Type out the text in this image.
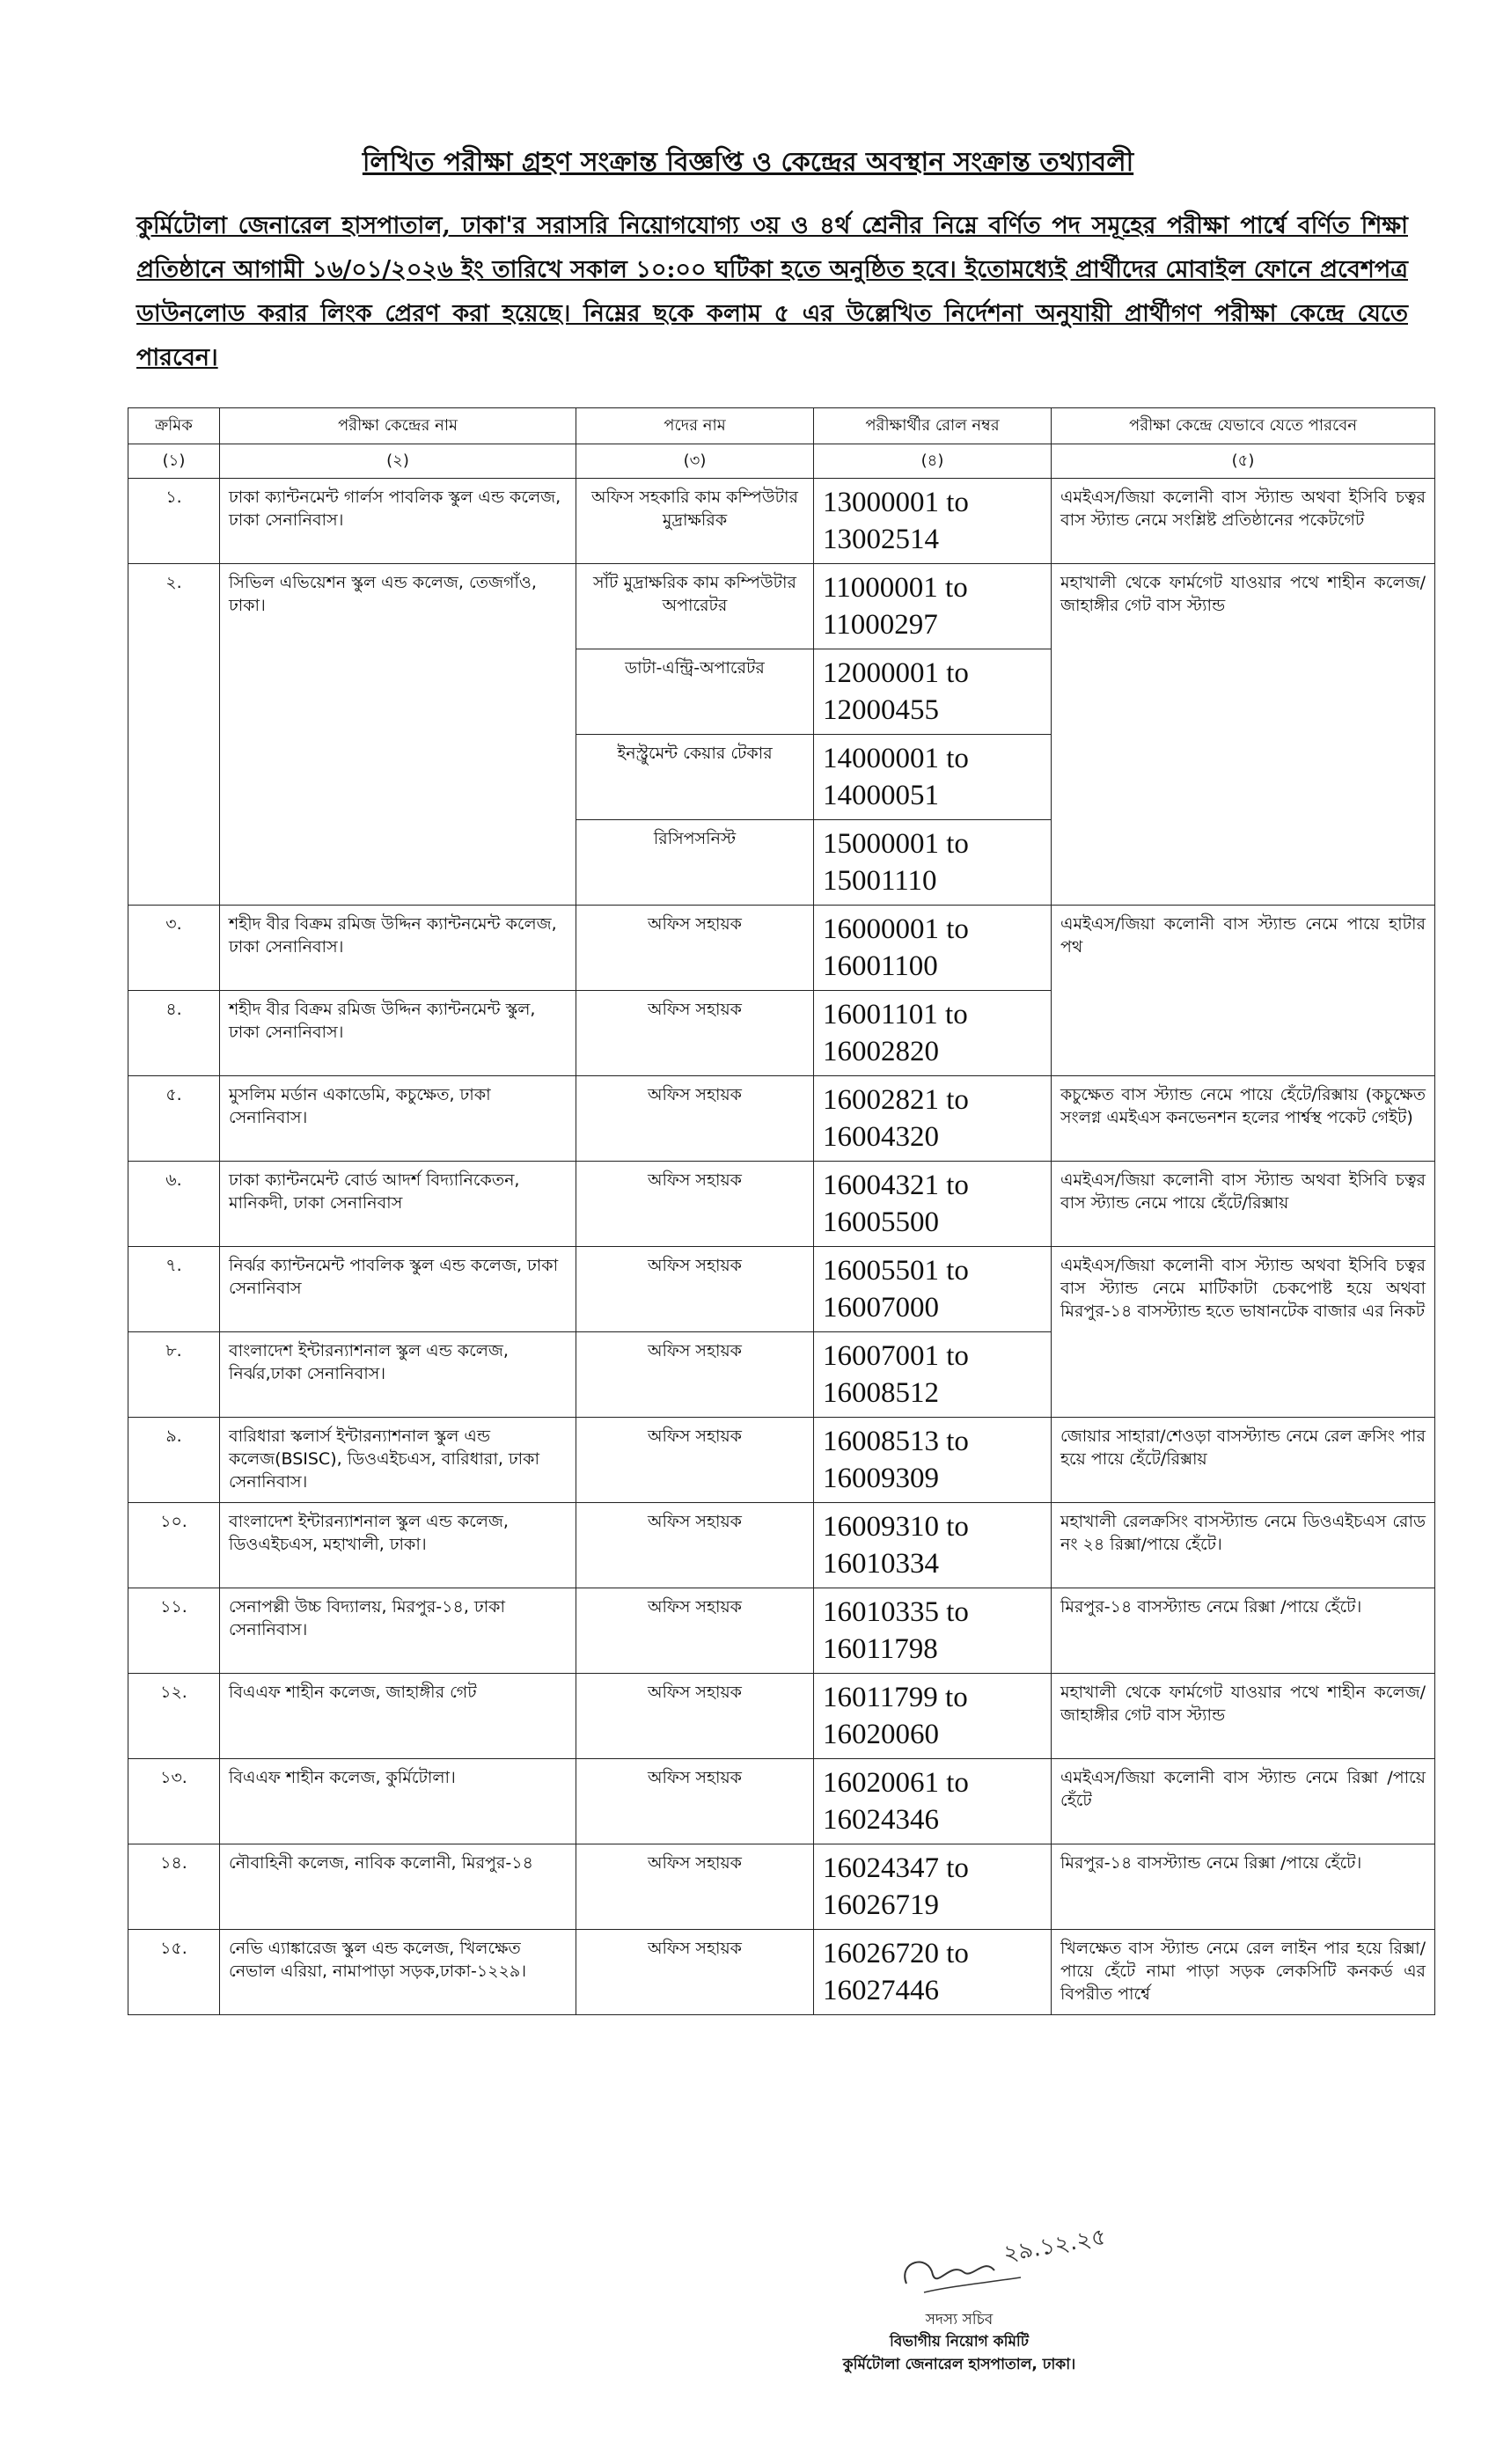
লিখিত পরীক্ষা গ্রহণ সংক্রান্ত বিজ্ঞপ্তি ও কেন্দ্রের অবস্থান সংক্রান্ত তথ্যাবলী
কুর্মিটোলা জেনারেল হাসপাতাল, ঢাকা'র সরাসরি নিয়োগযোগ্য ৩য় ও ৪র্থ শ্রেনীর নিম্নে বর্ণিত পদ সমূহের পরীক্ষা পার্শ্বে বর্ণিত শিক্ষা প্রতিষ্ঠানে আগামী ১৬/০১/২০২৬ ইং তারিখে সকাল ১০:০০ ঘটিকা হতে অনুষ্ঠিত হবে। ইতোমধ্যেই প্রার্থীদের মোবাইল ফোনে প্রবেশপত্র ডাউনলোড করার লিংক প্রেরণ করা হয়েছে। নিম্নের ছকে কলাম ৫ এর উল্লেখিত নির্দেশনা অনুযায়ী প্রার্থীগণ পরীক্ষা কেন্দ্রে যেতে পারবেন।
ক্রমিক	পরীক্ষা কেন্দ্রের নাম	পদের নাম	পরীক্ষার্থীর রোল নম্বর	পরীক্ষা কেন্দ্রে যেভাবে যেতে পারবেন
(১)	(২)	(৩)	(৪)	(৫)

১.	ঢাকা ক্যান্টনমেন্ট গার্লস পাবলিক স্কুল এন্ড কলেজ, ঢাকা সেনানিবাস।	অফিস সহকারি কাম কম্পিউটার মুদ্রাক্ষরিক	13000001 to 13002514	এমইএস/জিয়া কলোনী বাস স্ট্যান্ড অথবা ইসিবি চত্বর বাস স্ট্যান্ড নেমে সংশ্লিষ্ট প্রতিষ্ঠানের পকেটগেট

২.	সিভিল এভিয়েশন স্কুল এন্ড কলেজ, তেজগাঁও, ঢাকা।	সাঁট মুদ্রাক্ষরিক কাম কম্পিউটার অপারেটর	11000001 to 11000297	মহাখালী থেকে ফার্মগেট যাওয়ার পথে শাহীন কলেজ/জাহাঙ্গীর গেট বাস স্ট্যান্ড

		ডাটা-এন্ট্রি-অপারেটর	12000001 to 12000455	

		ইনস্ট্রুমেন্ট কেয়ার টেকার	14000001 to 14000051	

		রিসিপসনিস্ট	15000001 to 15001110	

৩.	শহীদ বীর বিক্রম রমিজ উদ্দিন ক্যান্টনমেন্ট কলেজ, ঢাকা সেনানিবাস।	অফিস সহায়ক	16000001 to 16001100	এমইএস/জিয়া কলোনী বাস স্ট্যান্ড নেমে পায়ে হাটার পথ

৪.	শহীদ বীর বিক্রম রমিজ উদ্দিন ক্যান্টনমেন্ট স্কুল, ঢাকা সেনানিবাস।	অফিস সহায়ক	16001101 to 16002820	

৫.	মুসলিম মর্ডান একাডেমি, কচুক্ষেত, ঢাকা সেনানিবাস।	অফিস সহায়ক	16002821 to 16004320	কচুক্ষেত বাস স্ট্যান্ড নেমে পায়ে হেঁটে/রিক্সায় (কচুক্ষেত সংলগ্ন এমইএস কনভেনশন হলের পার্শ্বস্থ পকেট গেইট)

৬.	ঢাকা ক্যান্টনমেন্ট বোর্ড আদর্শ বিদ্যানিকেতন, মানিকদী, ঢাকা সেনানিবাস	অফিস সহায়ক	16004321 to 16005500	এমইএস/জিয়া কলোনী বাস স্ট্যান্ড অথবা ইসিবি চত্বর বাস স্ট্যান্ড নেমে পায়ে হেঁটে/রিক্সায়

৭.	নির্ঝর ক্যান্টনমেন্ট পাবলিক স্কুল এন্ড কলেজ, ঢাকা সেনানিবাস	অফিস সহায়ক	16005501 to 16007000	এমইএস/জিয়া কলোনী বাস স্ট্যান্ড অথবা ইসিবি চত্বর বাস স্ট্যান্ড নেমে মাটিকাটা চেকপোষ্ট হয়ে অথবা মিরপুর-১৪ বাসস্ট্যান্ড হতে ভাষানটেক বাজার এর নিকট

৮.	বাংলাদেশ ইন্টারন্যাশনাল স্কুল এন্ড কলেজ, নির্ঝর,ঢাকা সেনানিবাস।	অফিস সহায়ক	16007001 to 16008512	

৯.	বারিধারা স্কলার্স ইন্টারন্যাশনাল স্কুল এন্ড কলেজ(BSISC), ডিওএইচএস, বারিধারা, ঢাকা সেনানিবাস।	অফিস সহায়ক	16008513 to 16009309	জোয়ার সাহারা/শেওড়া বাসস্ট্যান্ড নেমে রেল ক্রসিং পার হয়ে পায়ে হেঁটে/রিক্সায়

১০.	বাংলাদেশ ইন্টারন্যাশনাল স্কুল এন্ড কলেজ, ডিওএইচএস, মহাখালী, ঢাকা।	অফিস সহায়ক	16009310 to 16010334	মহাখালী রেলক্রসিং বাসস্ট্যান্ড নেমে ডিওএইচএস রোড নং ২৪ রিক্সা/পায়ে হেঁটে।

১১.	সেনাপল্লী উচ্চ বিদ্যালয়, মিরপুর-১৪, ঢাকা সেনানিবাস।	অফিস সহায়ক	16010335 to 16011798	মিরপুর-১৪ বাসস্ট্যান্ড নেমে রিক্সা /পায়ে হেঁটে।

১২.	বিএএফ শাহীন কলেজ, জাহাঙ্গীর গেট	অফিস সহায়ক	16011799 to 16020060	মহাখালী থেকে ফার্মগেট যাওয়ার পথে শাহীন কলেজ/জাহাঙ্গীর গেট বাস স্ট্যান্ড

১৩.	বিএএফ শাহীন কলেজ, কুর্মিটোলা।	অফিস সহায়ক	16020061 to 16024346	এমইএস/জিয়া কলোনী বাস স্ট্যান্ড নেমে রিক্সা /পায়ে হেঁটে

১৪.	নৌবাহিনী কলেজ, নাবিক কলোনী, মিরপুর-১৪	অফিস সহায়ক	16024347 to 16026719	মিরপুর-১৪ বাসস্ট্যান্ড নেমে রিক্সা /পায়ে হেঁটে।

১৫.	নেভি এ্যাঙ্কারেজ স্কুল এন্ড কলেজ, খিলক্ষেত নেভাল এরিয়া, নামাপাড়া সড়ক,ঢাকা-১২২৯।	অফিস সহায়ক	16026720 to 16027446	খিলক্ষেত বাস স্ট্যান্ড নেমে রেল লাইন পার হয়ে রিক্সা/পায়ে হেঁটে নামা পাড়া সড়ক লেকসিটি কনকর্ড এর বিপরীত পার্শ্বে
২৯.১২.২৫
সদস্য সচিব
বিভাগীয় নিয়োগ কমিটি
কুর্মিটোলা জেনারেল হাসপাতাল, ঢাকা।
